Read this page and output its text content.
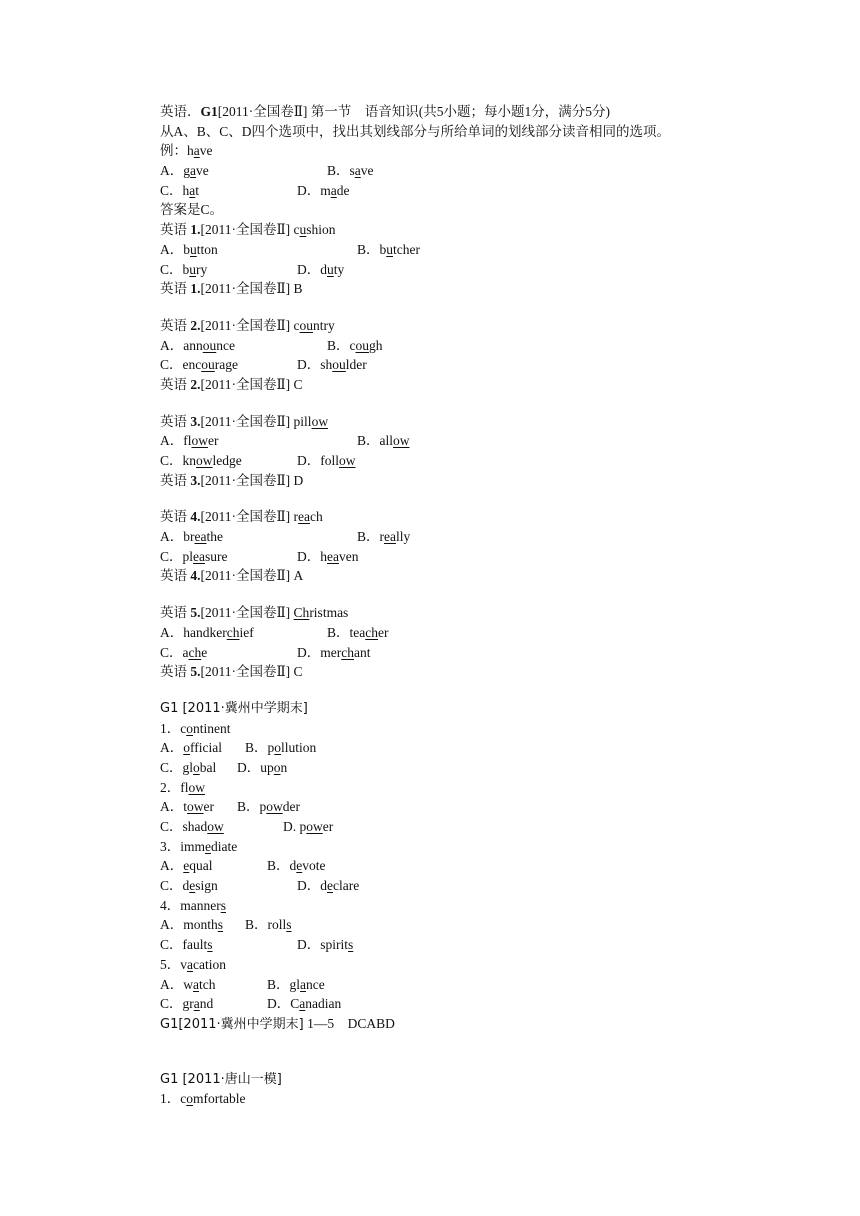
英语．G1[2011·全国卷Ⅱ] 第一节　语音知识(共5小题；每小题1分，满分5分)
从A、B、C、D四个选项中，找出其划线部分与所给单词的划线部分读音相同的选项。
例：have
A．gave	B．save
C．hat	D．made
答案是C。
英语 1.[2011·全国卷Ⅱ] cushion
A．button	B．butcher
C．bury	D．duty
英语 1.[2011·全国卷Ⅱ] B
英语 2.[2011·全国卷Ⅱ] country
A．announce	B．cough
C．encourage	D．shoulder
英语 2.[2011·全国卷Ⅱ] C
英语 3.[2011·全国卷Ⅱ] pillow
A．flower	B．allow
C．knowledge	D．follow
英语 3.[2011·全国卷Ⅱ] D
英语 4.[2011·全国卷Ⅱ] reach
A．breathe	B．really
C．pleasure	D．heaven
英语 4.[2011·全国卷Ⅱ] A
英语 5.[2011·全国卷Ⅱ] Christmas
A．handkerchief	B．teacher
C．ache	D．merchant
英语 5.[2011·全国卷Ⅱ] C
G1 [2011·冀州中学期末]
1．continent
A．official B．pollution
C．global D．upon
2．flow
A．tower B．powder
C．shadow	D. power
3．immediate
A．equal	B．devote
C．design	D．declare
4．manners
A．months B．rolls
C．faults	D．spirits
5．vacation
A．watch	B．glance
C．grand	D．Canadian
G1[2011·冀州中学期末] 1—5　DCABD
G1 [2011·唐山一模]
1．comfortable
